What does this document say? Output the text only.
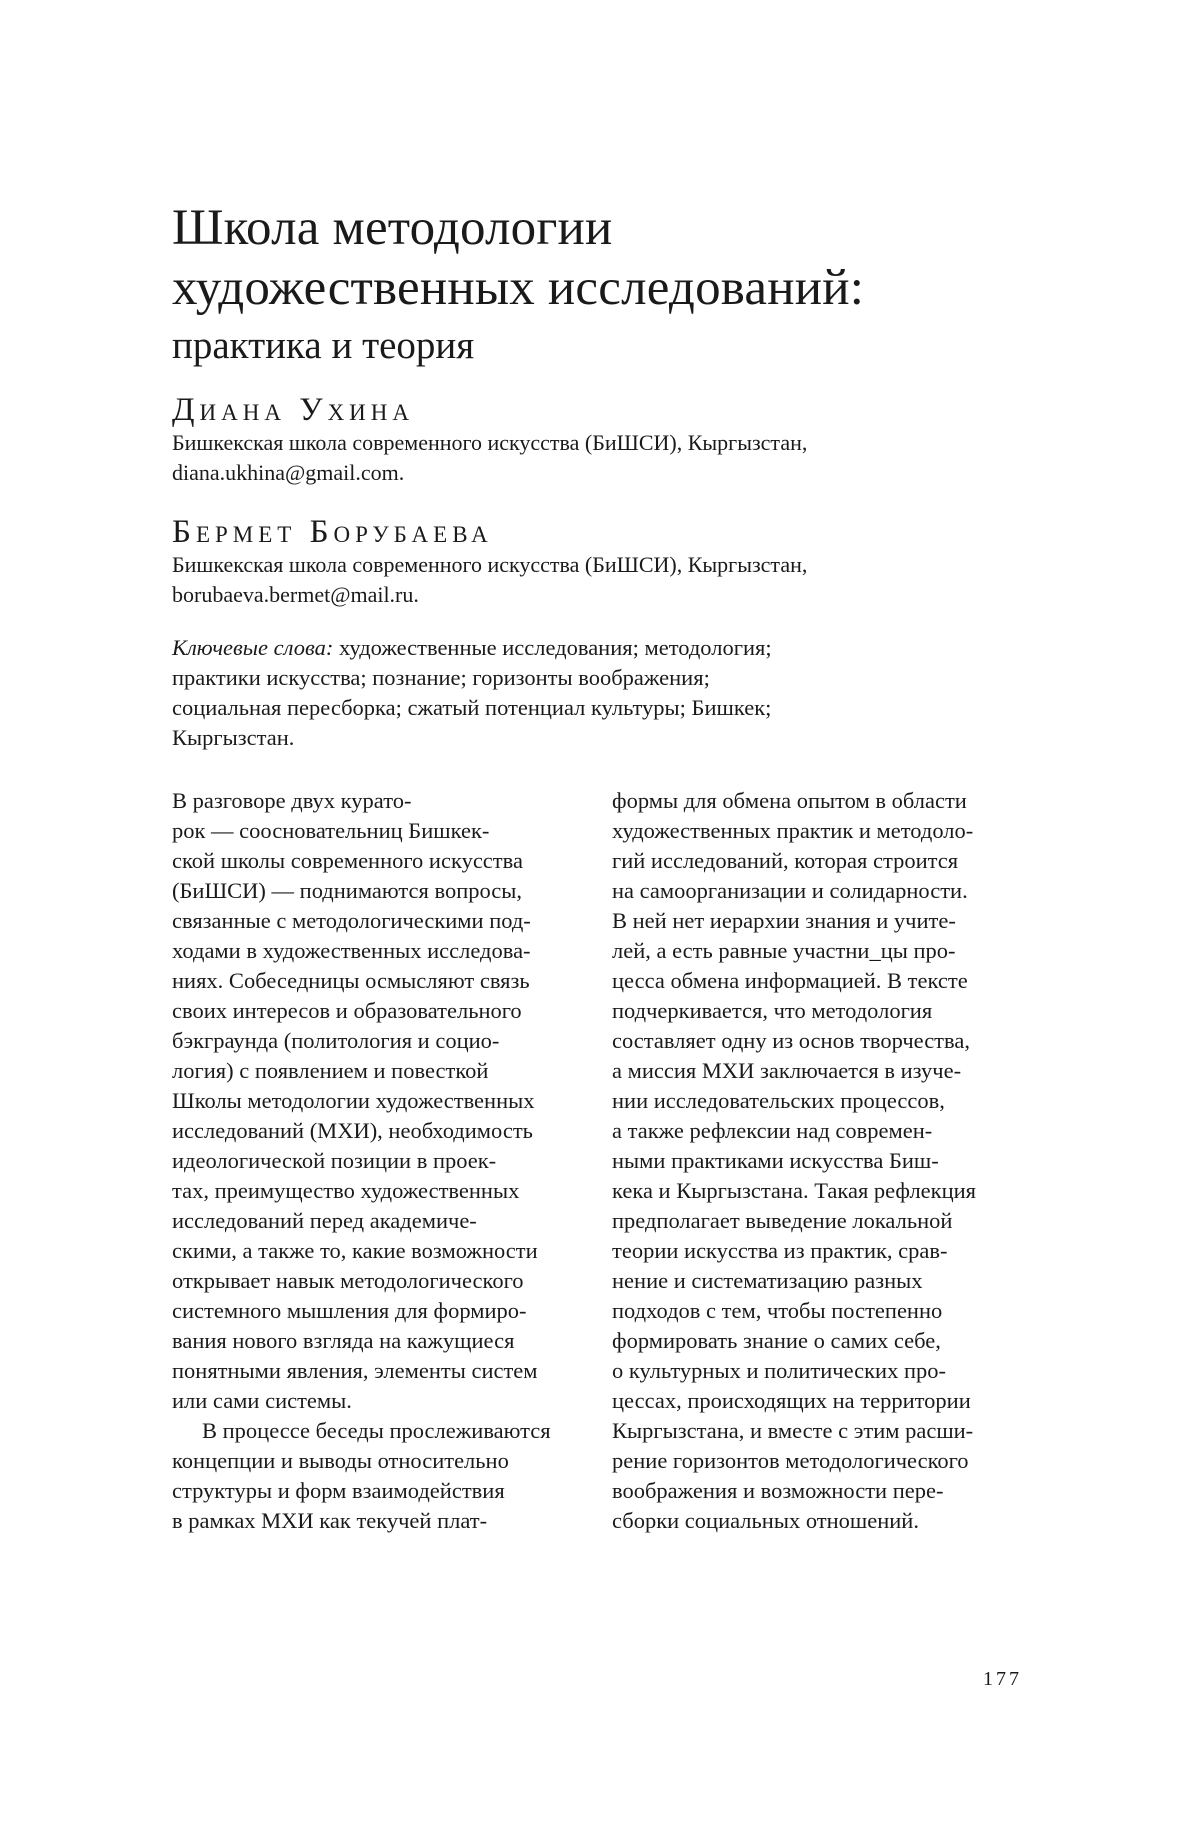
Школа методологии
художественных исследований:
практика и теория
Диана Ухина
Бишкекская школа современного искусства (БиШСИ), Кыргызстан,
diana.ukhina@gmail.com.
Бермет Борубаева
Бишкекская школа современного искусства (БиШСИ), Кыргызстан,
borubaeva.bermet@mail.ru.

Ключевые слова: художественные исследования; методология; практики искусства; познание; горизонты воображения; социальная пересборка; сжатый потенциал культуры; Бишкек; Кыргызстан.

В разговоре двух курато-
рок — соосновательниц Бишкек-
ской школы современного искусства
(БиШСИ) — поднимаются вопросы,
связанные с методологическими под-
ходами в художественных исследова-
ниях. Собеседницы осмысляют связь
своих интересов и образовательного
бэкграунда (политология и социо-
логия) с появлением и повесткой
Школы методологии художественных
исследований (МХИ), необходимость
идеологической позиции в проек-
тах, преимущество художественных
исследований перед академиче-
скими, а также то, какие возможности
открывает навык методологического
системного мышления для формиро-
вания нового взгляда на кажущиеся
понятными явления, элементы систем
или сами системы.
В процессе беседы прослеживаются
концепции и выводы относительно
структуры и форм взаимодействия
в рамках МХИ как текучей плат-
формы для обмена опытом в области
художественных практик и методоло-
гий исследований, которая строится
на самоорганизации и солидарности.
В ней нет иерархии знания и учите-
лей, а есть равные участни_цы про-
цесса обмена информацией. В тексте
подчеркивается, что методология
составляет одну из основ творчества,
а миссия МХИ заключается в изуче-
нии исследовательских процессов,
а также рефлексии над современ-
ными практиками искусства Биш-
кека и Кыргызстана. Такая рефлекция
предполагает выведение локальной
теории искусства из практик, срав-
нение и систематизацию разных
подходов с тем, чтобы постепенно
формировать знание о самих себе,
о культурных и политических про-
цессах, происходящих на территории
Кыргызстана, и вместе с этим расши-
рение горизонтов методологического
воображения и возможности пере-
сборки социальных отношений.
177
